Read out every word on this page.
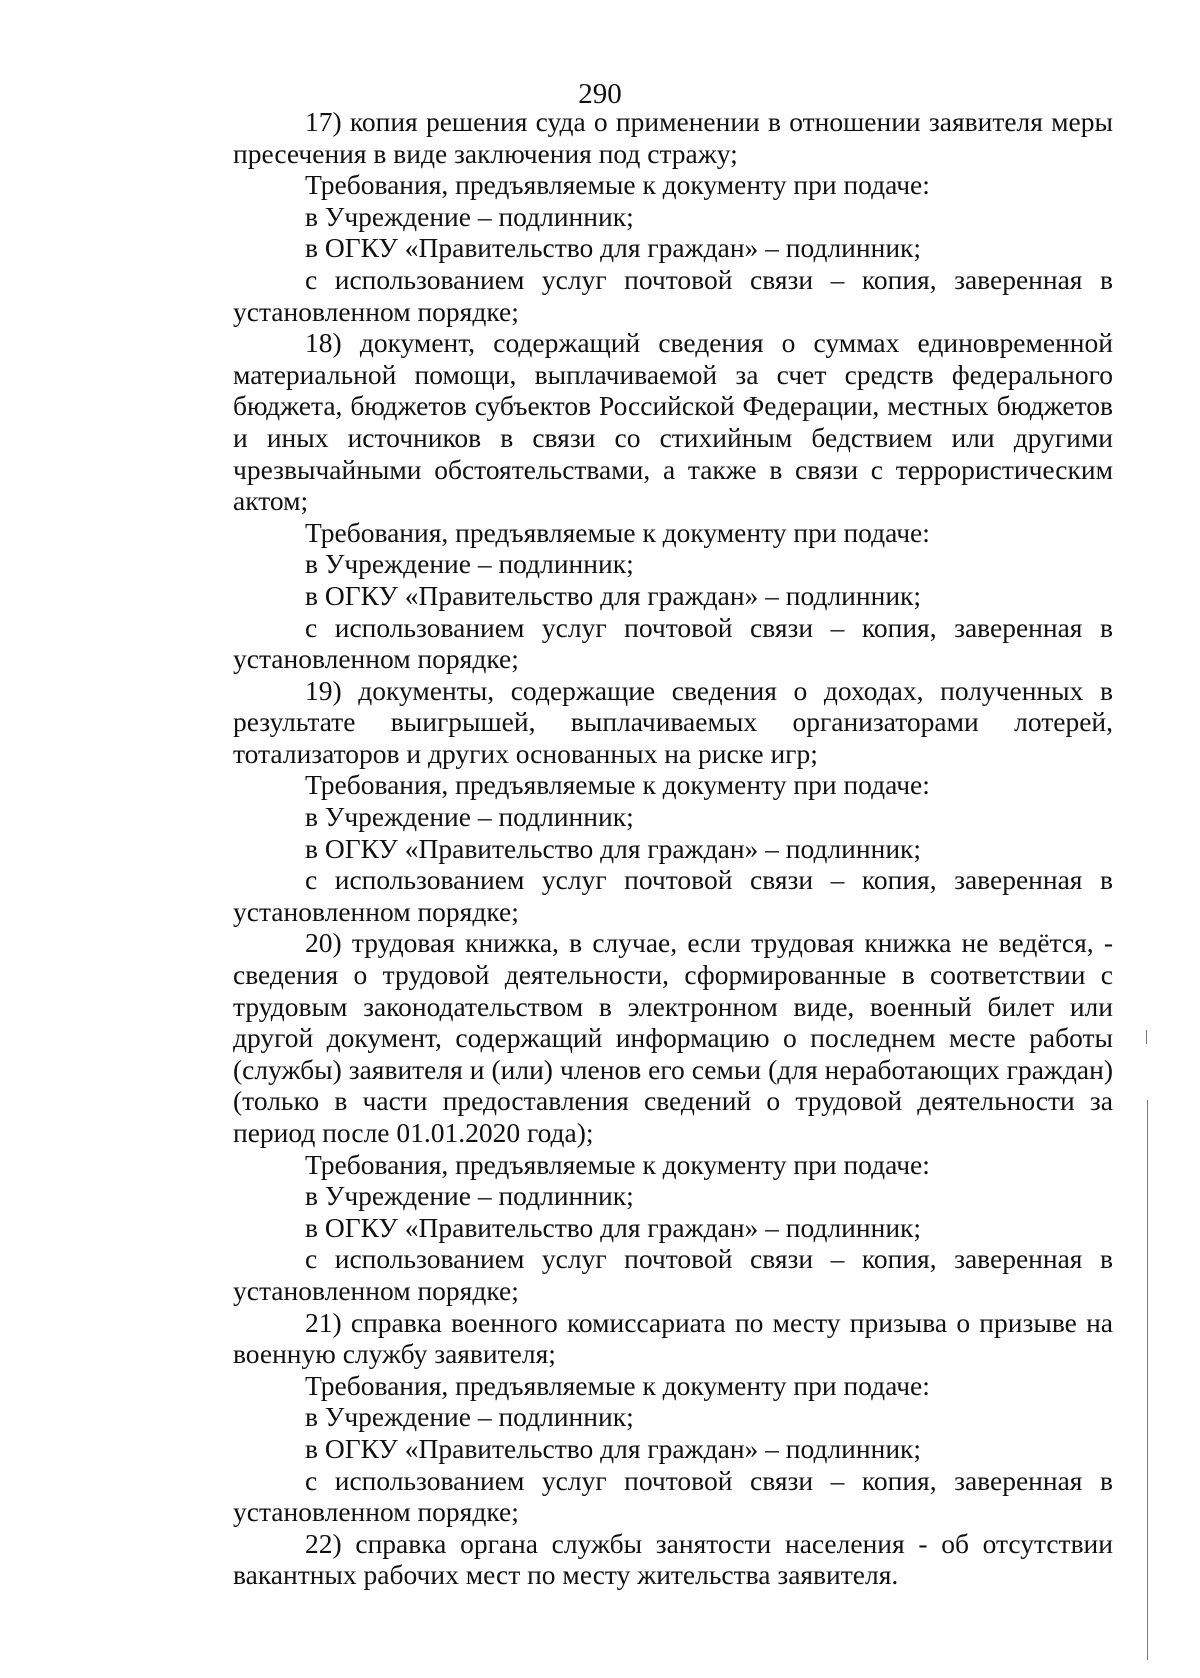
290

17) копия решения суда о применении в отношении заявителя меры пресечения в виде заключения под стражу;

Требования, предъявляемые к документу при подаче:

в Учреждение – подлинник;

в ОГКУ «Правительство для граждан» – подлинник;

с использованием услуг почтовой связи – копия, заверенная в установленном порядке;

18) документ, содержащий сведения о суммах единовременной материальной помощи, выплачиваемой за счет средств федерального бюджета, бюджетов субъектов Российской Федерации, местных бюджетов и иных источников в связи со стихийным бедствием или другими чрезвычайными обстоятельствами, а также в связи с террористическим актом;

Требования, предъявляемые к документу при подаче:

в Учреждение – подлинник;

в ОГКУ «Правительство для граждан» – подлинник;

с использованием услуг почтовой связи – копия, заверенная в установленном порядке;

19) документы, содержащие сведения о доходах, полученных в результате выигрышей, выплачиваемых организаторами лотерей, тотализаторов и других основанных на риске игр;

Требования, предъявляемые к документу при подаче:

в Учреждение – подлинник;

в ОГКУ «Правительство для граждан» – подлинник;

с использованием услуг почтовой связи – копия, заверенная в установленном порядке;

20) трудовая книжка, в случае, если трудовая книжка не ведётся, - сведения о трудовой деятельности, сформированные в соответствии с трудовым законодательством в электронном виде, военный билет или другой документ, содержащий информацию о последнем месте работы (службы) заявителя и (или) членов его семьи (для неработающих граждан) (только в части предоставления сведений о трудовой деятельности за период после 01.01.2020 года);

Требования, предъявляемые к документу при подаче:

в Учреждение – подлинник;

в ОГКУ «Правительство для граждан» – подлинник;

с использованием услуг почтовой связи – копия, заверенная в установленном порядке;

21) справка военного комиссариата по месту призыва о призыве на военную службу заявителя;

Требования, предъявляемые к документу при подаче:

в Учреждение – подлинник;

в ОГКУ «Правительство для граждан» – подлинник;

с использованием услуг почтовой связи – копия, заверенная в установленном порядке;

22) справка органа службы занятости населения - об отсутствии вакантных рабочих мест по месту жительства заявителя.
